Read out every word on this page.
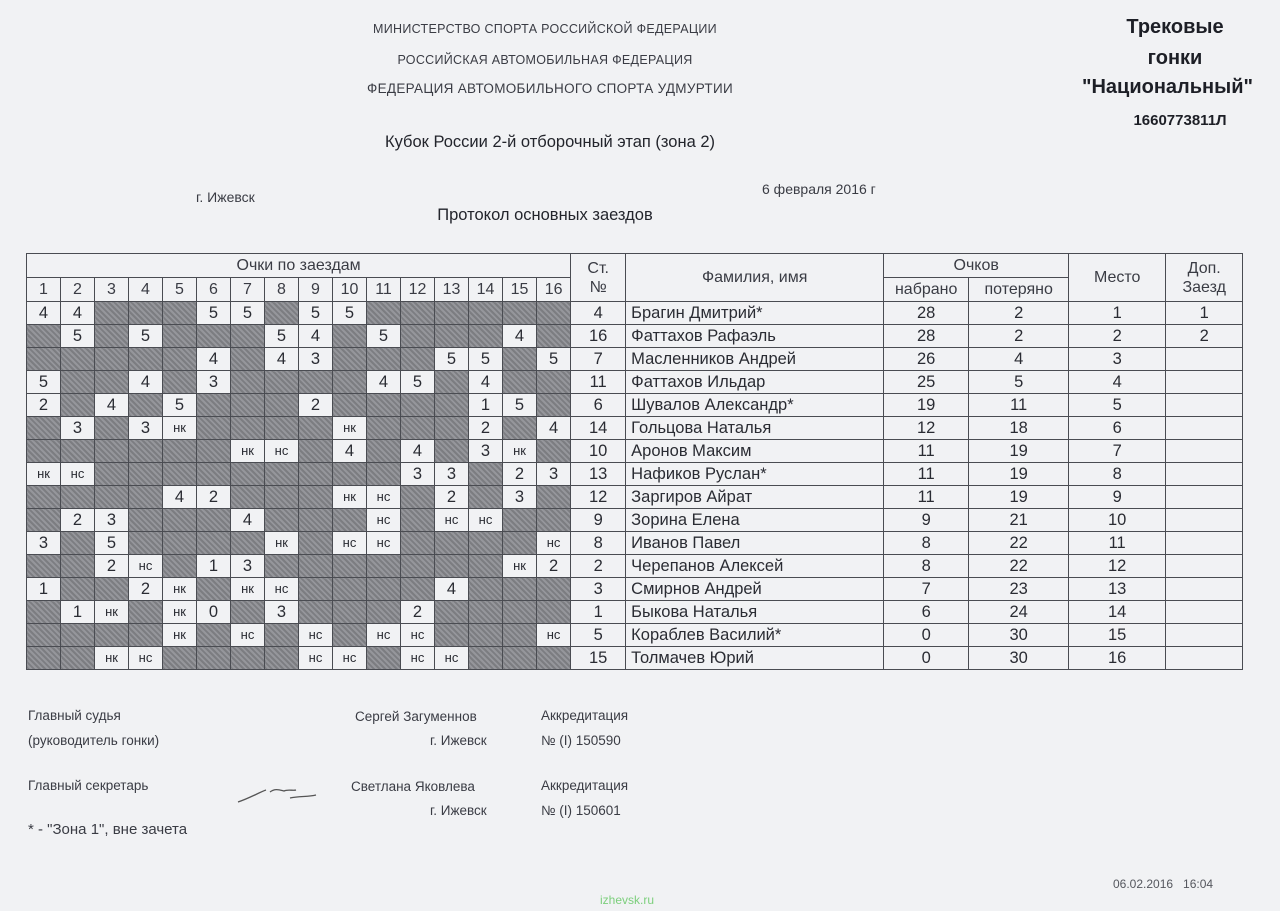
МИНИСТЕРСТВО СПОРТА РОССИЙСКОЙ ФЕДЕРАЦИИ
РОССИЙСКАЯ АВТОМОБИЛЬНАЯ ФЕДЕРАЦИЯ
ФЕДЕРАЦИЯ АВТОМОБИЛЬНОГО СПОРТА УДМУРТИИ
Трековые
гонки
"Национальный"
1660773811Л
Кубок России 2-й отборочный этап (зона 2)
г. Ижевск	6 февраля 2016 г
Протокол основных заездов
Очки по заездам																Ст.
№	Фамилия, имя	Очков		Место	Доп.
Заезд
1	2	3	4	5	6	7	8	9	10	11	12	13	14	15	16			набрано	потеряно		
4	4				5	5		5	5							4	Брагин Дмитрий*	28	2	1	1
	5		5				5	4		5				4		16	Фаттахов Рафаэль	28	2	2	2
					4		4	3				5	5		5	7	Масленников Андрей	26	4	3	
5			4		3					4	5		4			11	Фаттахов Ильдар	25	5	4	
2		4		5				2					1	5		6	Шувалов Александр*	19	11	5	
	3		3	нк					нк				2		4	14	Гольцова Наталья	12	18	6	
						нк	нс		4		4		3	нк		10	Аронов Максим	11	19	7	
нк	нс										3	3		2	3	13	Нафиков Руслан*	11	19	8	
				4	2				нк	нс		2		3		12	Заргиров Айрат	11	19	9	
	2	3				4				нс		нс	нс			9	Зорина Елена	9	21	10	
3		5					нк		нс	нс					нс	8	Иванов Павел	8	22	11	
		2	нс		1	3								нк	2	2	Черепанов Алексей	8	22	12	
1			2	нк		нк	нс					4				3	Смирнов Андрей	7	23	13	
	1	нк		нк	0		3				2					1	Быкова Наталья	6	24	14	
				нк		нс		нс		нс	нс				нс	5	Кораблев Василий*	0	30	15	
		нк	нс					нс	нс		нс	нс				15	Толмачев Юрий	0	30	16	
Главный судья
(руководитель гонки)
Сергей Загуменнов
г. Ижевск
Аккредитация
№ (I) 150590
Главный секретарь	Светлана Яковлева
г. Ижевск
Аккредитация
№ (I) 150601
* - "Зона 1", вне зачета
06.02.2016   16:04
izhevsk.ru
